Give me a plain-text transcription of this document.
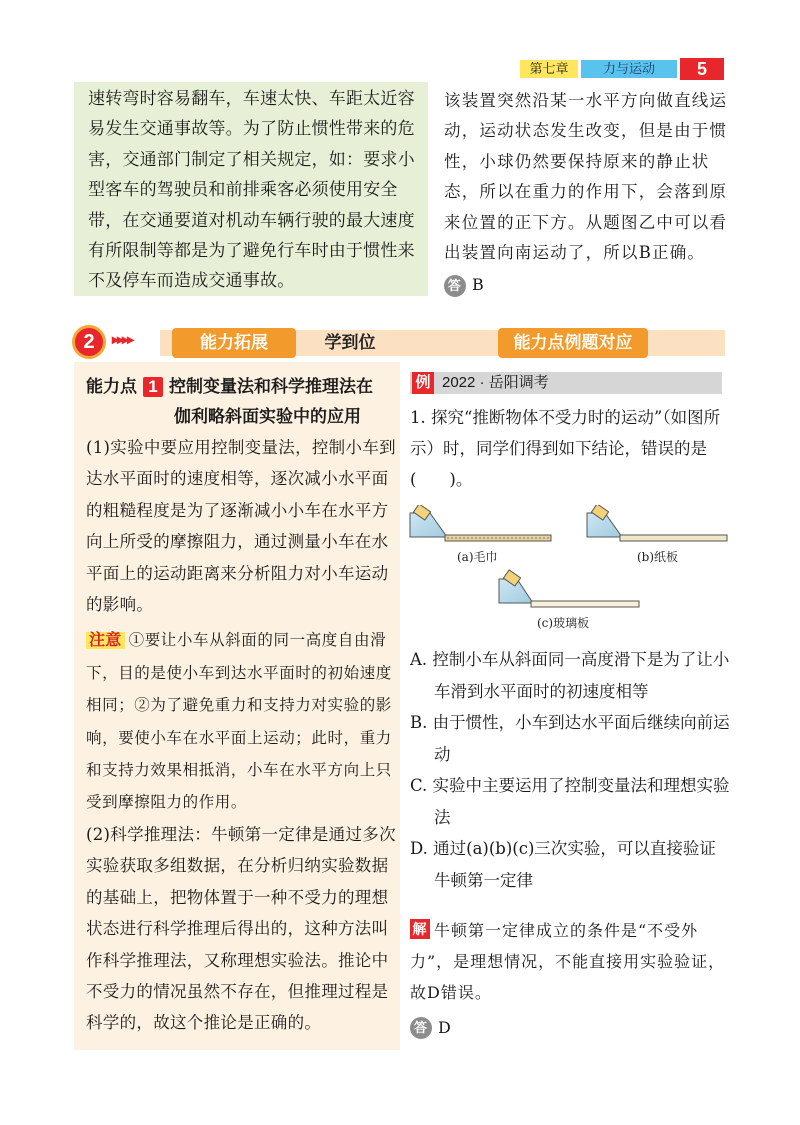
第七章	力与运动	5
速转弯时容易翻车，车速太快、车距太近容易发生交通事故等。为了防止惯性带来的危害，交通部门制定了相关规定，如：要求小型客车的驾驶员和前排乘客必须使用安全带，在交通要道对机动车辆行驶的最大速度有所限制等都是为了避免行车时由于惯性来不及停车而造成交通事故。
该装置突然沿某一水平方向做直线运动，运动状态发生改变，但是由于惯性，小球仍然要保持原来的静止状态，所以在重力的作用下，会落到原来位置的正下方。从题图乙中可以看出装置向南运动了，所以B正确。
答 B
2	▸▸▸▸	能力拓展	学到位	能力点例题对应
能力点 1 控制变量法和科学推理法在
伽利略斜面实验中的应用
(1)实验中要应用控制变量法，控制小车到达水平面时的速度相等，逐次减小水平面的粗糙程度是为了逐渐减小小车在水平方向上所受的摩擦阻力，通过测量小车在水平面上的运动距离来分析阻力对小车运动的影响。
注意 ①要让小车从斜面的同一高度自由滑下，目的是使小车到达水平面时的初始速度相同；②为了避免重力和支持力对实验的影响，要使小车在水平面上运动；此时，重力和支持力效果相抵消，小车在水平方向上只受到摩擦阻力的作用。
(2)科学推理法：牛顿第一定律是通过多次实验获取多组数据，在分析归纳实验数据的基础上，把物体置于一种不受力的理想状态进行科学推理后得出的，这种方法叫作科学推理法，又称理想实验法。推论中不受力的情况虽然不存在，但推理过程是科学的，故这个推论是正确的。
例 2022 · 岳阳调考
1. 探究“推断物体不受力时的运动”（如图所示）时，同学们得到如下结论，错误的是(　　)。
(a)毛巾	(b)纸板
(c)玻璃板
A. 控制小车从斜面同一高度滑下是为了让小车滑到水平面时的初速度相等
B. 由于惯性，小车到达水平面后继续向前运动
C. 实验中主要运用了控制变量法和理想实验法
D. 通过(a)(b)(c)三次实验，可以直接验证牛顿第一定律
解 牛顿第一定律成立的条件是“不受外力”，是理想情况，不能直接用实验验证，故D错误。
答 D
